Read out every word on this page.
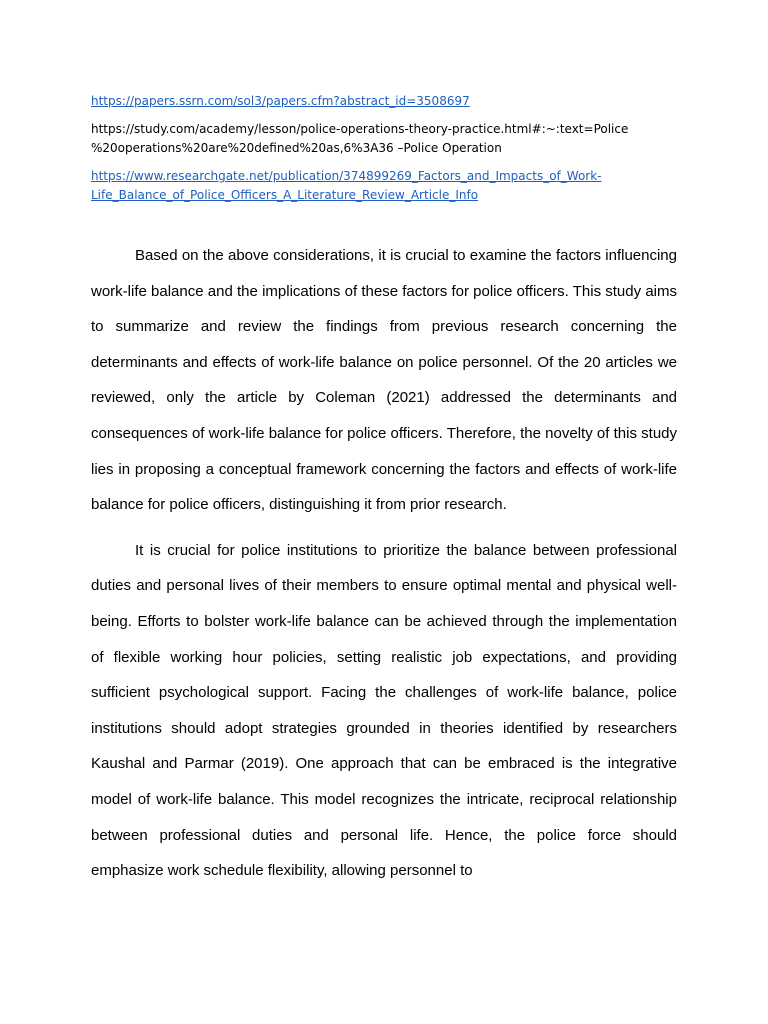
https://papers.ssrn.com/sol3/papers.cfm?abstract_id=3508697

https://study.com/academy/lesson/police-operations-theory-practice.html#:~:text=Police
%20operations%20are%20defined%20as,6%3A36 –Police Operation

https://www.researchgate.net/publication/374899269_Factors_and_Impacts_of_Work-
Life_Balance_of_Police_Officers_A_Literature_Review_Article_Info

Based on the above considerations, it is crucial to examine the factors influencing work-life balance and the implications of these factors for police officers. This study aims to summarize and review the findings from previous research concerning the determinants and effects of work-life balance on police personnel. Of the 20 articles we reviewed, only the article by Coleman (2021) addressed the determinants and consequences of work-life balance for police officers. Therefore, the novelty of this study lies in proposing a conceptual framework concerning the factors and effects of work-life balance for police officers, distinguishing it from prior research.

It is crucial for police institutions to prioritize the balance between professional duties and personal lives of their members to ensure optimal mental and physical well-being. Efforts to bolster work-life balance can be achieved through the implementation of flexible working hour policies, setting realistic job expectations, and providing sufficient psychological support. Facing the challenges of work-life balance, police institutions should adopt strategies grounded in theories identified by researchers Kaushal and Parmar (2019). One approach that can be embraced is the integrative model of work-life balance. This model recognizes the intricate, reciprocal relationship between professional duties and personal life. Hence, the police force should emphasize work schedule flexibility, allowing personnel to
